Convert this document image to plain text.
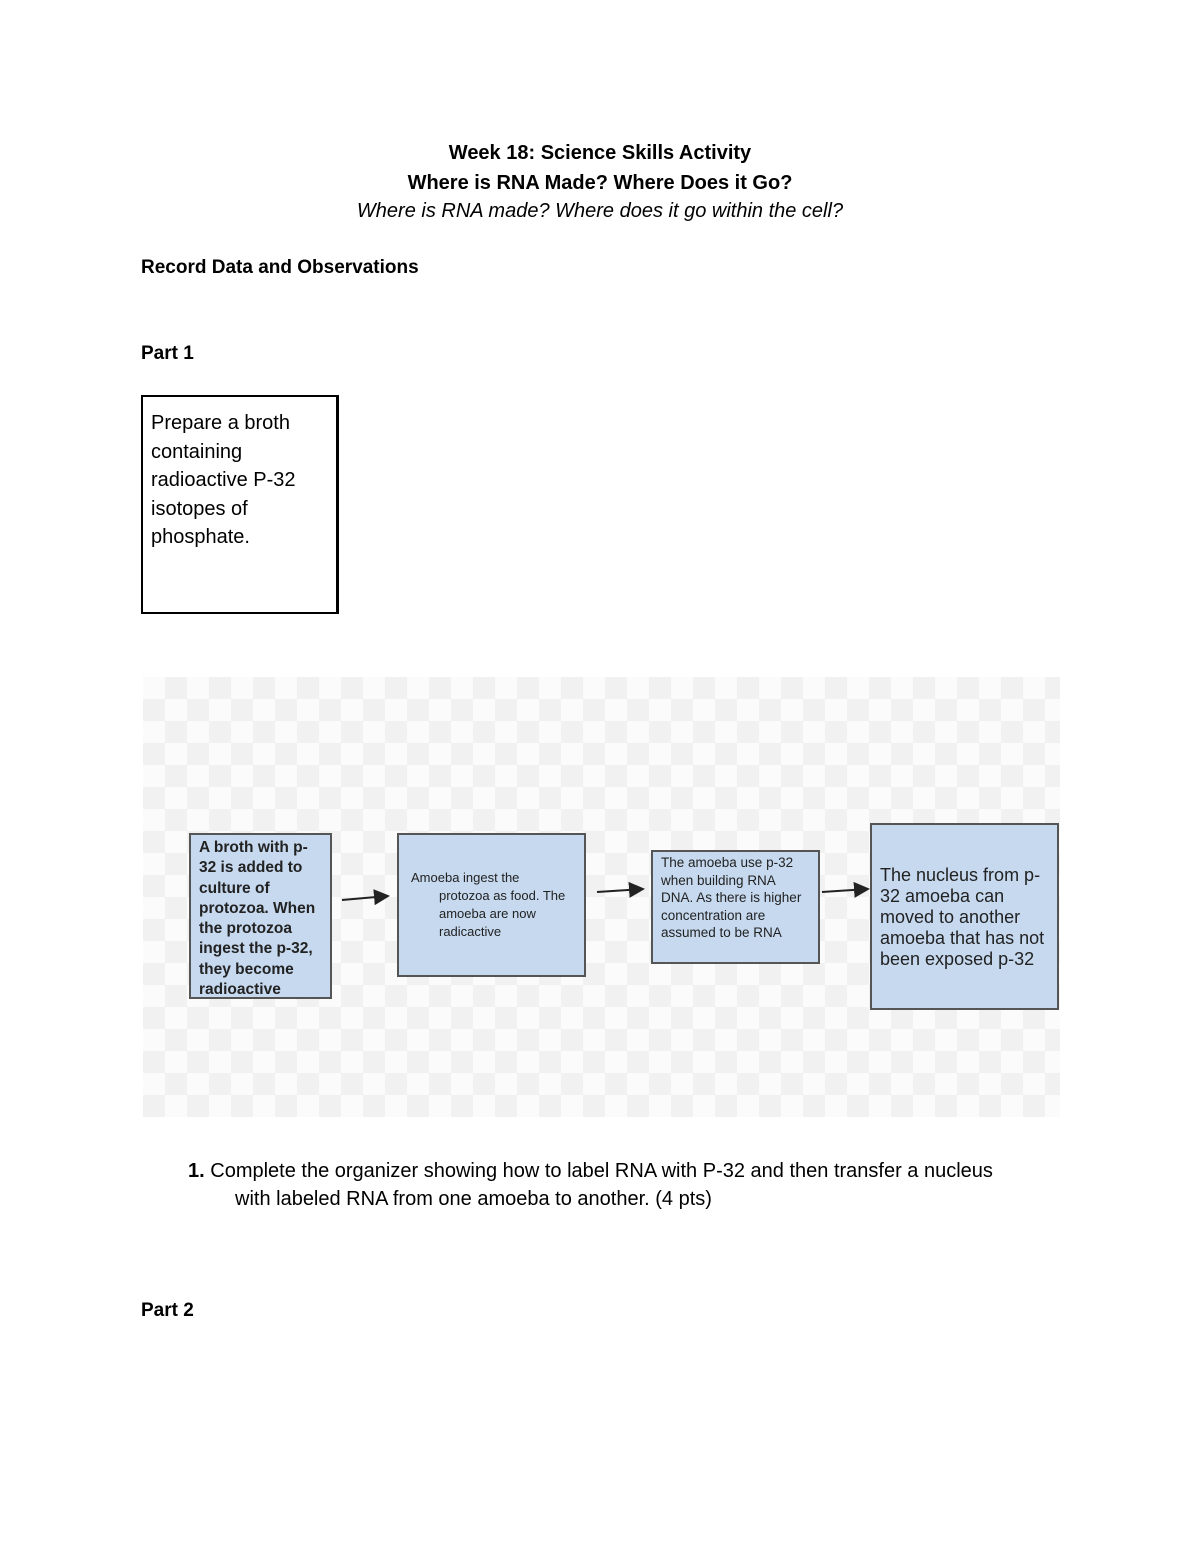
Week 18: Science Skills Activity
Where is RNA Made? Where Does it Go?
Where is RNA made? Where does it go within the cell?
Record Data and Observations
Part 1
Prepare a broth containing radioactive P-32 isotopes of phosphate.
A broth with p-32 is added to culture of protozoa. When the protozoa ingest the p-32, they become radioactive
Amoeba ingest the
protozoa as food. The amoeba are now radicactive
The amoeba use p-32 when building RNA DNA. As there is higher concentration are assumed to be RNA
The nucleus from p-32 amoeba can moved to another amoeba that has not been exposed p-32
1. Complete the organizer showing how to label RNA with P-32 and then transfer a nucleus
with labeled RNA from one amoeba to another. (4 pts)
Part 2
